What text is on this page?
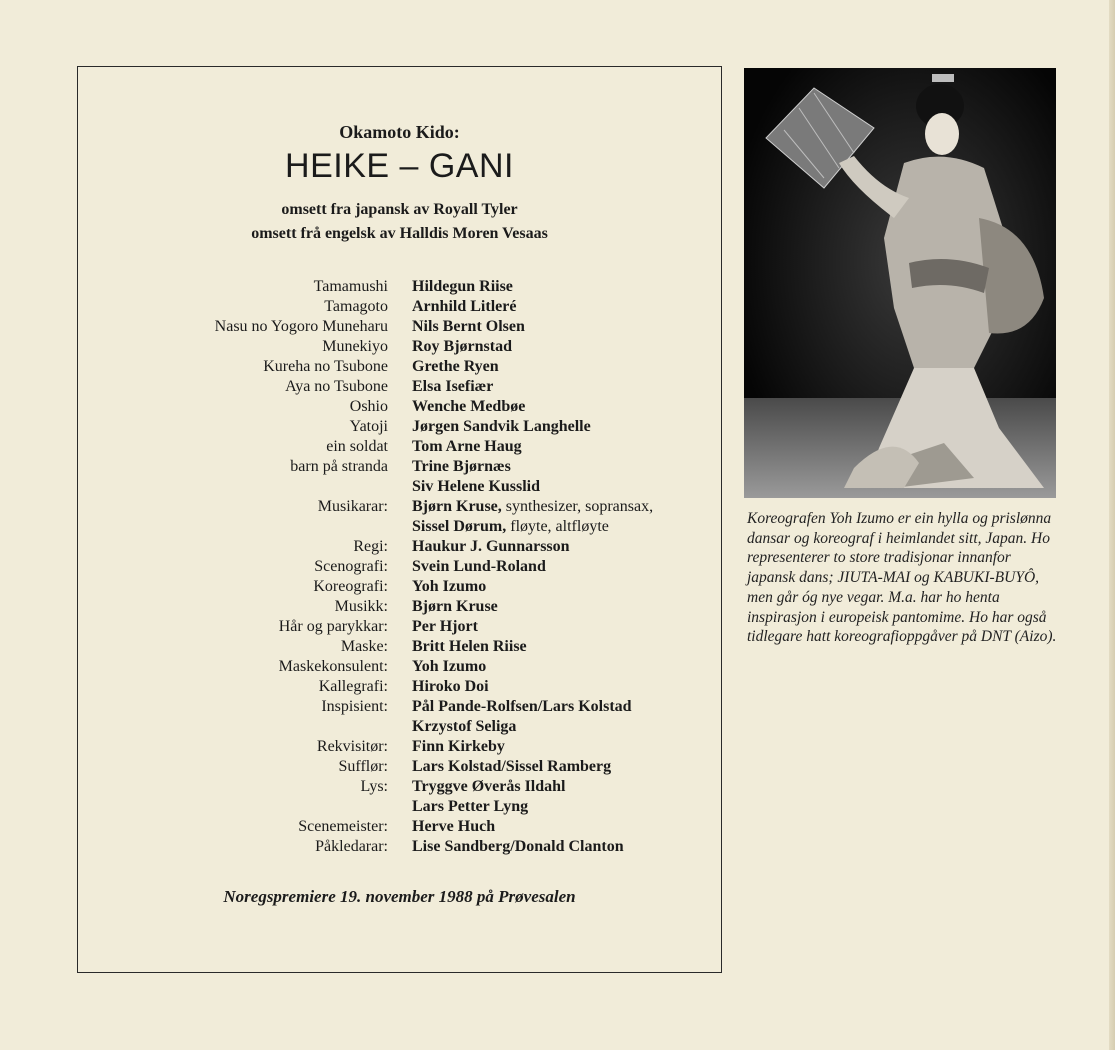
Okamoto Kido:
HEIKE – GANI
omsett fra japansk av Royall Tyler
omsett frå engelsk av Halldis Moren Vesaas
Tamamushi Hildegun Riise
Tamagoto Arnhild Litleré
Nasu no Yogoro Muneharu Nils Bernt Olsen
Munekiyo Roy Bjørnstad
Kureha no Tsubone Grethe Ryen
Aya no Tsubone Elsa Isefiær
Oshio Wenche Medbøe
Yatoji Jørgen Sandvik Langhelle
ein soldat Tom Arne Haug
barn på stranda Trine Bjørnæs
Siv Helene Kusslid
Musikarar: Bjørn Kruse, synthesizer, sopransax,
Sissel Dørum, fløyte, altfløyte
Regi: Haukur J. Gunnarsson
Scenografi: Svein Lund-Roland
Koreografi: Yoh Izumo
Musikk: Bjørn Kruse
Hår og parykkar: Per Hjort
Maske: Britt Helen Riise
Maskekonsulent: Yoh Izumo
Kallegrafi: Hiroko Doi
Inspisient: Pål Pande-Rolfsen/Lars Kolstad
Krzystof Seliga
Rekvisitør: Finn Kirkeby
Sufflør: Lars Kolstad/Sissel Ramberg
Lys: Tryggve Øverås Ildahl
Lars Petter Lyng
Scenemeister: Herve Huch
Påkledarar: Lise Sandberg/Donald Clanton
Noregspremiere 19. november 1988 på Prøvesalen
Koreografen Yoh Izumo er ein hylla og prislønna dansar og koreograf i heimlandet sitt, Japan. Ho representerer to store tradisjonar innanfor japansk dans; JIUTA-MAI og KABUKI-BUYÔ, men går óg nye vegar. M.a. har ho henta inspirasjon i europeisk pantomime. Ho har også tidlegare hatt koreografioppgåver på DNT (Aizo).
